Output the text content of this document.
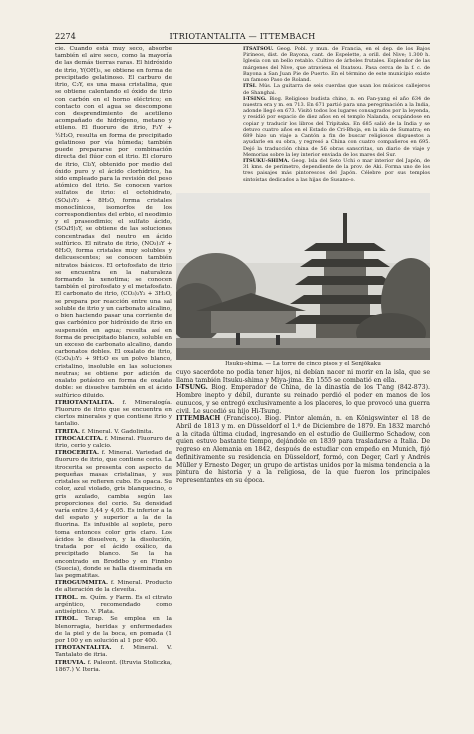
2274	ITRIOTANTALITA — ITTEMBACH

cie. Cuando está muy seco, absorbe también el aire seco, como la mayoría de las demás tierras raras. El hidróxido de itrio, Y(OH)₃, se obtiene en forma de precipitado gelatinoso. El carburo de itrio, C₂Y, es una masa cristalina, que se obtiene calentando el óxido de itrio con carbón en el horno eléctrico; en contacto con el agua se descompone con desprendimiento de acetileno acompañado de hidrógeno, metano y etileno. El fluoruro de itrio, F₃Y + ½H₂O, resulta en forma de precipitado gelatinoso por vía húmeda; también puede prepararse por combinación directa del flúor con el itrio. El cloruro de itrio, Cl₃Y, obtenido por medio del óxido puro y el ácido clorhídrico, ha sido empleado para la revisión del peso atómico del itrio. Se conocen varios sulfatos de itrio: el octohidrato, (SO₄)₃Y₂ + 8H₂O, forma cristales monoclínicos, isomorfos de los correspondientes del erbio, el neodimio y el praseodimio; el sulfato ácido, (SO₄H)₃Y, se obtiene de las soluciones concentradas del neutro en ácido sulfúrico. El nitrato de itrio, (NO₃)₃Y + 6H₂O, forma cristales muy solubles y delicuescentes; se conocen también nitratos básicos. El ortofosfato de itrio se encuentra en la naturaleza formando la xenotima; se conocen también el pirofosfato y el metafosfato. El carbonato de itrio, (CO₃)₃Y₂ + 3H₂O, se prepara por reacción entre una sal soluble de itrio y un carbonato alcalino, o bien haciendo pasar una corriente de gas carbónico por hidróxido de itrio en suspensión en agua; resulta así en forma de precipitado blanco, soluble en un exceso de carbonato alcalino, dando carbonatos dobles. El oxalato de itrio, (C₂O₄)₃Y₂ + 9H₂O es un polvo blanco, cristalino, insoluble en las soluciones neutras; se obtiene por adición de oxalato potásico en forma de oxalato doble: se disuelve también en el ácido sulfúrico diluido.

ITRIOTANTALITA. f. Mineralogía. Fluoruro de itrio que se encuentra en ciertos minerales y que contiene itrio y tantalio.

ITRITA. f. Mineral. V. Gadolinita.

ITROCALCITA. f. Mineral. Fluoruro de itrio, cerio y calcio.

ITROCERITA. f. Mineral. Variedad de fluoruro de itrio, que contiene cerio. La itrocerita se presenta con aspecto de pequeñas masas cristalinas, y sus cristales se refieren cubo. Es opaca. Su color, azul violado, gris blanquecino, o gris azulado, cambia según las proporciones del cerio. Su densidad varía entre 3,44 y 4,05. Es inferior a la del espato y superior a la de la fluorina. Es infusible al soplete, pero toma entonces color gris claro. Los ácidos le disuelven, y la disolución, tratada por el ácido oxálico, da precipitado blanco. Se la ha encontrado en Broddbo y en Finnbo (Suecia), donde se halla diseminada en las pegmatitas.

ITROGUMMITA. f. Mineral. Producto de alteración de la cleveíta.

ITROL. m. Quím. y Farm. Es el citrato argéntico, recomendado como antiséptico. V. Plata.

ITROL. Terap. Se emplea en la blenorragia, heridas y enfermedades de la piel y de la boca, en pomada (1 por 100 y en solución al 1 por 400.

ITROTANTALITA. f. Mineral. V. Tantalato de itria.

ITRUVIA. f. Paleont. (Itruvia Stoliczka, 1867.) V. Iteria.

ITSATSOU. Geog. Pobl. y mun. de Francia, en el dep. de los Bajos Pirineos, dist. de Bayona, cant. de Espelette, a orill. del Nive; 1.300 h. Iglesia con un bello retablo. Cultivo de árboles frutales. Esplendor de las márgenes del Nive, que atraviesa el Itsatsou. Pasa cerca de la f. c. de Bayona a San Juan Pie de Puerto. En el término de este municipio existe un famoso Paso de Roland.

ITSI. Mús. La guitarra de seis cuerdas que usan los músicos callejeros de Shanghai.

I-TSING. Biog. Religioso budista chino, n. en Fan-yang el año 634 de nuestra era y m. en 713. En 671 partió para una peregrinación a la India, adonde llegó en 673. Visitó todos los lugares consagrados por la leyenda, y residió por espacio de diez años en el templo Nalanda, ocupándose en copiar y traducir los libros del Tripitaka. En 685 salió de la India y se detuvo cuatro años en el Estado de Cri-Bhoja, en la isla de Sumatra; en 689 hizo un viaje a Cantón a fin de buscar religiosos dispuestos a ayudarle en su obra, y regresó a China con cuatro compañeros en 695. Dejó la traducción china de 56 obras sanscritas, un diario de viaje y Memorias sobre la ley interior enviada de los mares del Sur.

ITSUKU-SHIMA. Geog. Isla del Seto Uchi o mar interior del Japón, de 31 kms. de perímetro, dependiente de la prov. de Aki. Forma uno de los tres paisajes más pintorescos del Japón. Célebre por sus templos sintoístas dedicados a las hijas de Susano-o.

Itsuku-shima. — La torre de cinco pisos y el Senjōkaku

cuyo sacerdote no podía tener hijos, ni debían nacer ni morir en la isla, que se llama también Itsuku-shima y Miya-jima. En 1555 se combatió en ella.

I-TSUNG. Biog. Emperador de China, de la dinastía de los T'ang (842-873). Hombre inepto y débil, durante su reinado perdió el poder en manos de los eunucos, y se entregó exclusivamente a los placeres, lo que provocó una guerra civil. Le sucedió su hijo Hi-Tsung.

ITTEMBACH (Francisco). Biog. Pintor alemán, n. en Königswinter el 18 de Abril de 1813 y m. en Düsseldorf el 1.º de Diciembre de 1879. En 1832 marchó a la citada última ciudad, ingresando en el estudio de Guillermo Schadow, con quien estuvo bastante tiempo, dejándole en 1839 para trasladarse a Italia. De regreso en Alemania en 1842, después de estudiar con empeño en Munich, fijó definitivamente su residencia en Düsseldorf, formó, con Deger, Carl y Andrés Müller y Ernesto Deger, un grupo de artistas unidos por la misma tendencia a la pintura de historia y a la religiosa, de la que fueron los principales representantes en su época.
